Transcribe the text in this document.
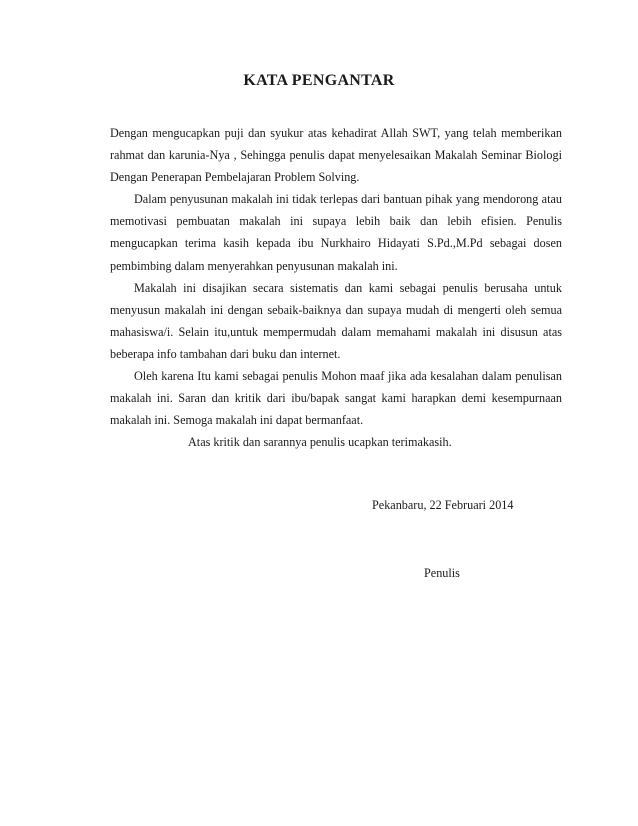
KATA PENGANTAR

Dengan mengucapkan puji dan syukur atas kehadirat Allah SWT, yang telah memberikan rahmat dan karunia-Nya , Sehingga penulis dapat menyelesaikan Makalah Seminar Biologi Dengan Penerapan Pembelajaran Problem Solving.

Dalam penyusunan makalah ini tidak terlepas dari bantuan pihak yang mendorong atau memotivasi pembuatan makalah ini supaya lebih baik dan lebih efisien. Penulis mengucapkan terima kasih kepada ibu Nurkhairo Hidayati S.Pd.,M.Pd sebagai dosen pembimbing dalam menyerahkan penyusunan makalah ini.

Makalah ini disajikan secara sistematis dan kami sebagai penulis berusaha untuk menyusun makalah ini dengan sebaik-baiknya dan supaya mudah di mengerti oleh semua mahasiswa/i. Selain itu,untuk mempermudah dalam memahami makalah ini disusun atas beberapa info tambahan dari buku dan internet.

Oleh karena Itu kami sebagai penulis Mohon maaf jika ada kesalahan dalam penulisan makalah ini. Saran dan kritik dari ibu/bapak sangat kami harapkan demi kesempurnaan makalah ini. Semoga makalah ini dapat bermanfaat.

Atas kritik dan sarannya penulis ucapkan terimakasih.

Pekanbaru, 22 Februari 2014
Penulis
